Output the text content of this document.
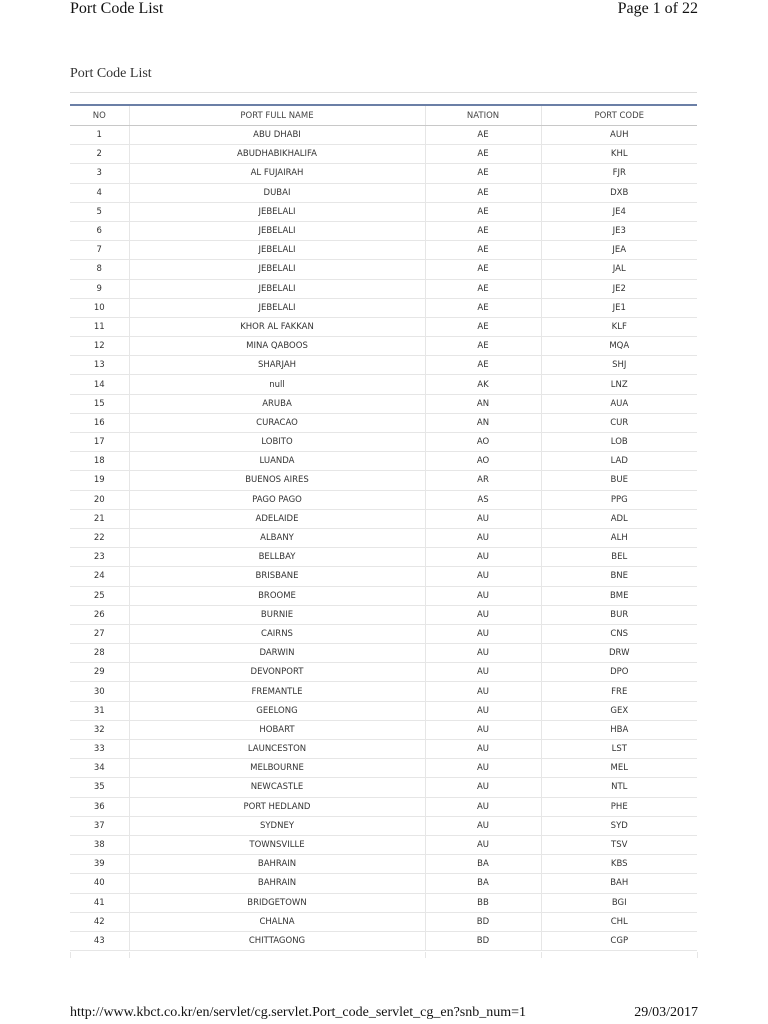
Port Code List	Page 1 of 22
Port Code List
NO	PORT FULL NAME	NATION	PORT CODE
1	ABU DHABI	AE	AUH
2	ABUDHABIKHALIFA	AE	KHL
3	AL FUJAIRAH	AE	FJR
4	DUBAI	AE	DXB
5	JEBELALI	AE	JE4
6	JEBELALI	AE	JE3
7	JEBELALI	AE	JEA
8	JEBELALI	AE	JAL
9	JEBELALI	AE	JE2
10	JEBELALI	AE	JE1
11	KHOR AL FAKKAN	AE	KLF
12	MINA QABOOS	AE	MQA
13	SHARJAH	AE	SHJ
14	null	AK	LNZ
15	ARUBA	AN	AUA
16	CURACAO	AN	CUR
17	LOBITO	AO	LOB
18	LUANDA	AO	LAD
19	BUENOS AIRES	AR	BUE
20	PAGO PAGO	AS	PPG
21	ADELAIDE	AU	ADL
22	ALBANY	AU	ALH
23	BELLBAY	AU	BEL
24	BRISBANE	AU	BNE
25	BROOME	AU	BME
26	BURNIE	AU	BUR
27	CAIRNS	AU	CNS
28	DARWIN	AU	DRW
29	DEVONPORT	AU	DPO
30	FREMANTLE	AU	FRE
31	GEELONG	AU	GEX
32	HOBART	AU	HBA
33	LAUNCESTON	AU	LST
34	MELBOURNE	AU	MEL
35	NEWCASTLE	AU	NTL
36	PORT HEDLAND	AU	PHE
37	SYDNEY	AU	SYD
38	TOWNSVILLE	AU	TSV
39	BAHRAIN	BA	KBS
40	BAHRAIN	BA	BAH
41	BRIDGETOWN	BB	BGI
42	CHALNA	BD	CHL
43	CHITTAGONG	BD	CGP
http://www.kbct.co.kr/en/servlet/cg.servlet.Port_code_servlet_cg_en?snb_num=1	29/03/2017
